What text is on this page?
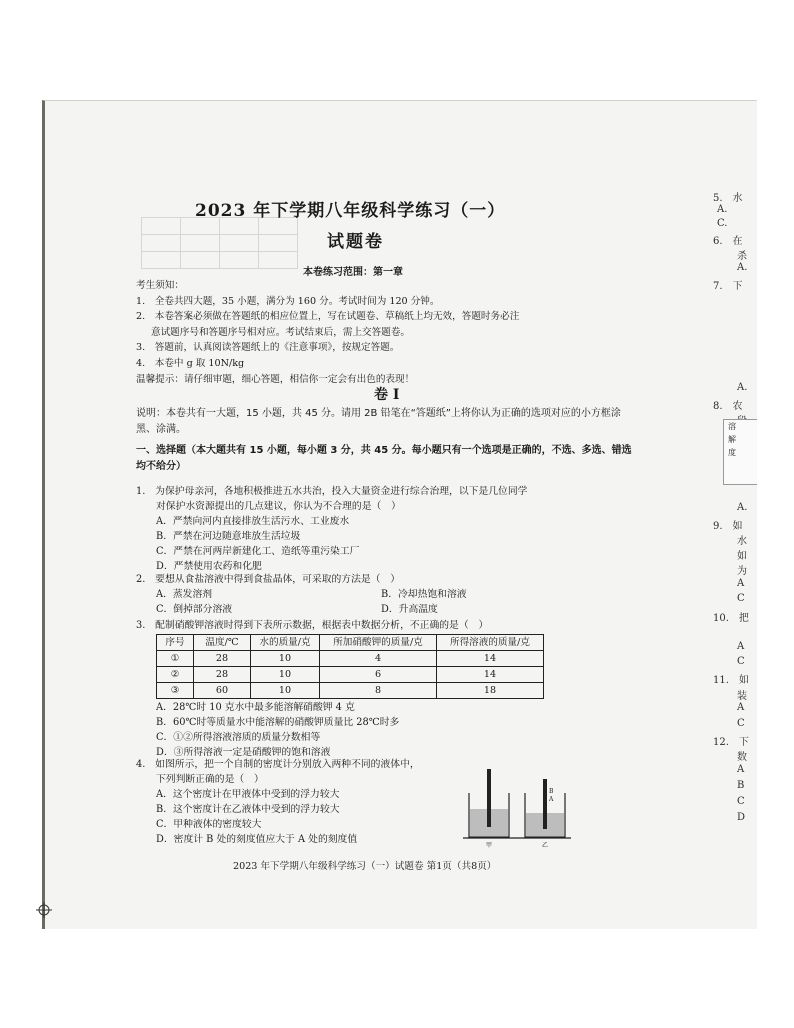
2023 年下学期八年级科学练习（一）
试题卷
本卷练习范围：第一章
考生须知：
1.　全卷共四大题，35 小题，满分为 160 分。考试时间为 120 分钟。
2.　本卷答案必须做在答题纸的相应位置上，写在试题卷、草稿纸上均无效，答题时务必注
意试题序号和答题序号相对应。考试结束后，需上交答题卷。
3.　答题前，认真阅读答题纸上的《注意事项》，按规定答题。
4.　本卷中 g 取 10N/kg
温馨提示：请仔细审题，细心答题，相信你一定会有出色的表现！
卷 Ⅰ
说明：本卷共有一大题，15 小题，共 45 分。请用 2B 铅笔在“答题纸”上将你认为正确的选项对应的小方框涂黑、涂满。
一、选择题（本大题共有 15 小题，每小题 3 分，共 45 分。每小题只有一个选项是正确的，不选、多选、错选均不给分）
1.　为保护母亲河，各地积极推进五水共治，投入大量资金进行综合治理，以下是几位同学
对保护水资源提出的几点建议，你认为不合理的是（　）
A．严禁向河内直接排放生活污水、工业废水
B．严禁在河边随意堆放生活垃圾
C．严禁在河两岸新建化工、造纸等重污染工厂
D．严禁使用农药和化肥
2.　要想从食盐溶液中得到食盐晶体，可采取的方法是（　）
A．蒸发溶剂	B．冷却热饱和溶液
C．倒掉部分溶液	D．升高温度
3.　配制硝酸钾溶液时得到下表所示数据，根据表中数据分析，不正确的是（　）
序号	温度/℃	水的质量/克	所加硝酸钾的质量/克	所得溶液的质量/克
①	28	10	4	14
②	28	10	6	14
③	60	10	8	18
A．28℃时 10 克水中最多能溶解硝酸钾 4 克
B．60℃时等质量水中能溶解的硝酸钾质量比 28℃时多
C．①②所得溶液溶质的质量分数相等
D．③所得溶液一定是硝酸钾的饱和溶液
4.　如图所示，把一个自制的密度计分别放入两种不同的液体中，
下列判断正确的是（　）
A．这个密度计在甲液体中受到的浮力较大
B．这个密度计在乙液体中受到的浮力较大
C．甲种液体的密度较大
D．密度计 B 处的刻度值应大于 A 处的刻度值
B
A
甲	乙
2023 年下学期八年级科学练习（一）试题卷 第1页（共8页）
5.　水
A.
C.
6.　在
杀
A.
7.　下
A.
8.　农
溶
解
度
A.
9.　如
水
如
为
A
C
10.　把
A
C
11.　如
装
A
C
12.　下
数
A
B
C
D
